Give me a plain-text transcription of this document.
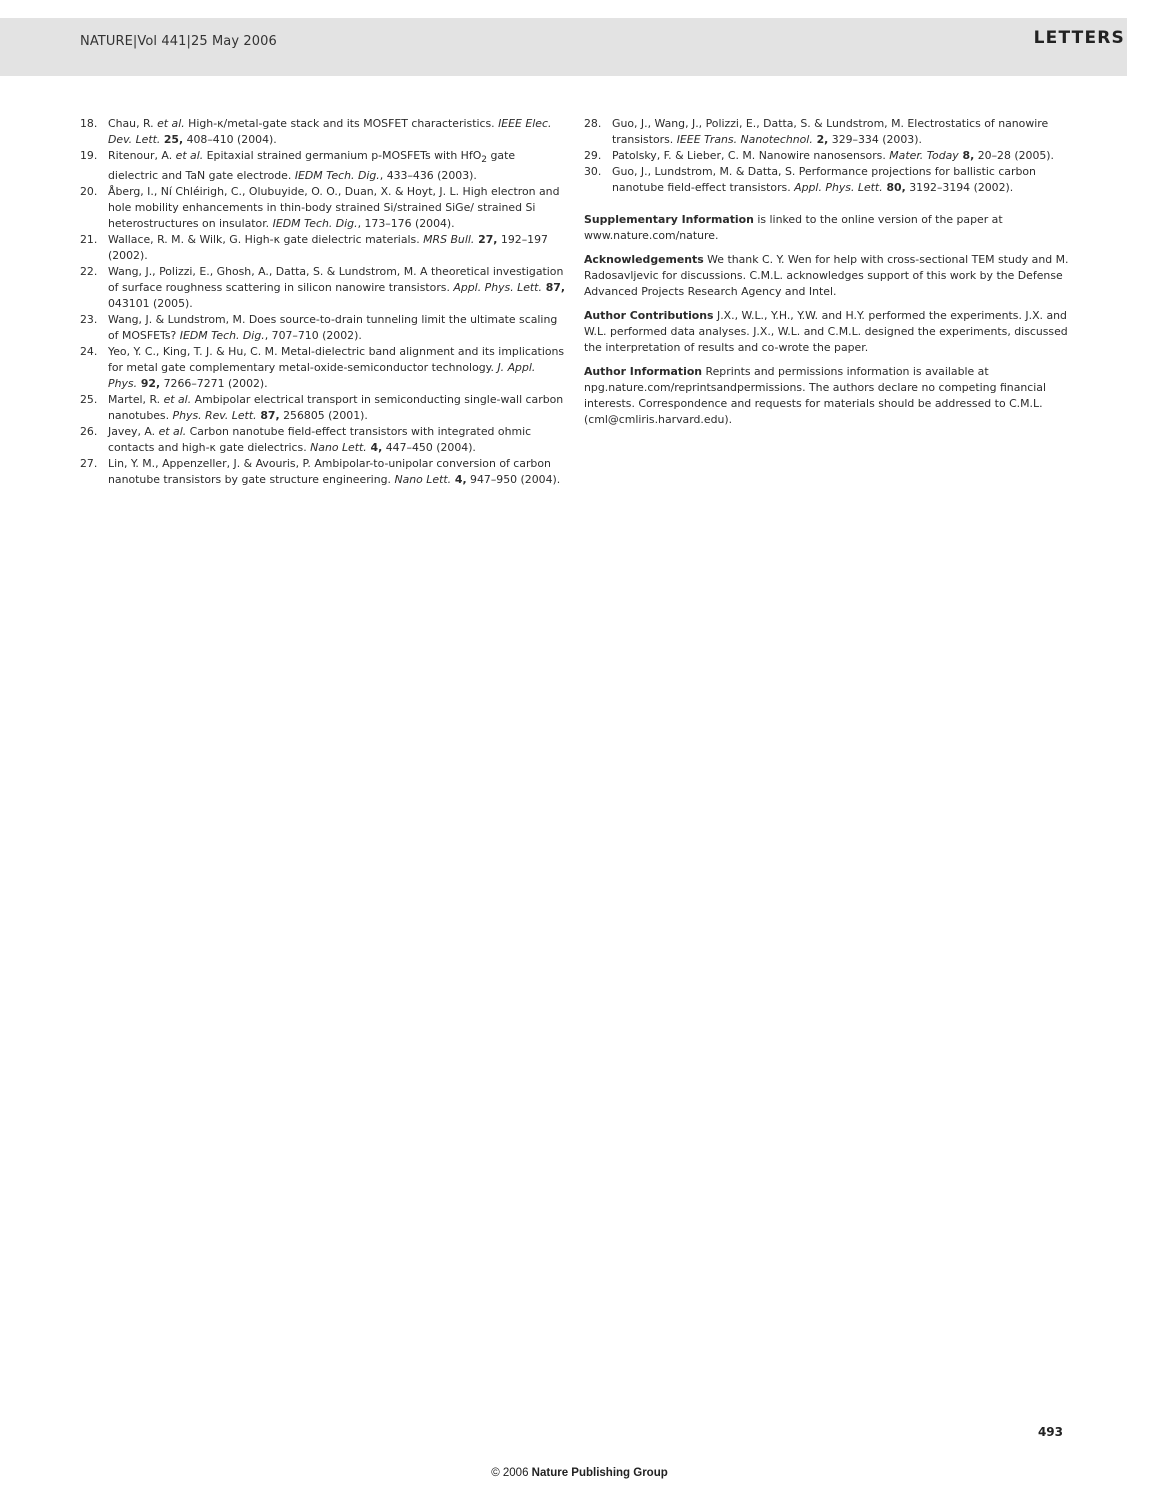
NATURE|Vol 441|25 May 2006	LETTERS
18. Chau, R. et al. High-κ/metal-gate stack and its MOSFET characteristics. IEEE Elec. Dev. Lett. 25, 408–410 (2004).
19. Ritenour, A. et al. Epitaxial strained germanium p-MOSFETs with HfO$_2$ gate dielectric and TaN gate electrode. IEDM Tech. Dig., 433–436 (2003).
20. Åberg, I., Ní Chléirigh, C., Olubuyide, O. O., Duan, X. & Hoyt, J. L. High electron and hole mobility enhancements in thin-body strained Si/strained SiGe/ strained Si heterostructures on insulator. IEDM Tech. Dig., 173–176 (2004).
21. Wallace, R. M. & Wilk, G. High-κ gate dielectric materials. MRS Bull. 27, 192–197 (2002).
22. Wang, J., Polizzi, E., Ghosh, A., Datta, S. & Lundstrom, M. A theoretical investigation of surface roughness scattering in silicon nanowire transistors. Appl. Phys. Lett. 87, 043101 (2005).
23. Wang, J. & Lundstrom, M. Does source-to-drain tunneling limit the ultimate scaling of MOSFETs? IEDM Tech. Dig., 707–710 (2002).
24. Yeo, Y. C., King, T. J. & Hu, C. M. Metal-dielectric band alignment and its implications for metal gate complementary metal-oxide-semiconductor technology. J. Appl. Phys. 92, 7266–7271 (2002).
25. Martel, R. et al. Ambipolar electrical transport in semiconducting single-wall carbon nanotubes. Phys. Rev. Lett. 87, 256805 (2001).
26. Javey, A. et al. Carbon nanotube field-effect transistors with integrated ohmic contacts and high-κ gate dielectrics. Nano Lett. 4, 447–450 (2004).
27. Lin, Y. M., Appenzeller, J. & Avouris, P. Ambipolar-to-unipolar conversion of carbon nanotube transistors by gate structure engineering. Nano Lett. 4, 947–950 (2004).
28. Guo, J., Wang, J., Polizzi, E., Datta, S. & Lundstrom, M. Electrostatics of nanowire transistors. IEEE Trans. Nanotechnol. 2, 329–334 (2003).
29. Patolsky, F. & Lieber, C. M. Nanowire nanosensors. Mater. Today 8, 20–28 (2005).
30. Guo, J., Lundstrom, M. & Datta, S. Performance projections for ballistic carbon nanotube field-effect transistors. Appl. Phys. Lett. 80, 3192–3194 (2002).

Supplementary Information is linked to the online version of the paper at www.nature.com/nature.

Acknowledgements We thank C. Y. Wen for help with cross-sectional TEM study and M. Radosavljevic for discussions. C.M.L. acknowledges support of this work by the Defense Advanced Projects Research Agency and Intel.

Author Contributions J.X., W.L., Y.H., Y.W. and H.Y. performed the experiments. J.X. and W.L. performed data analyses. J.X., W.L. and C.M.L. designed the experiments, discussed the interpretation of results and co-wrote the paper.

Author Information Reprints and permissions information is available at npg.nature.com/reprintsandpermissions. The authors declare no competing financial interests. Correspondence and requests for materials should be addressed to C.M.L. (cml@cmliris.harvard.edu).

493
© 2006 Nature Publishing Group
